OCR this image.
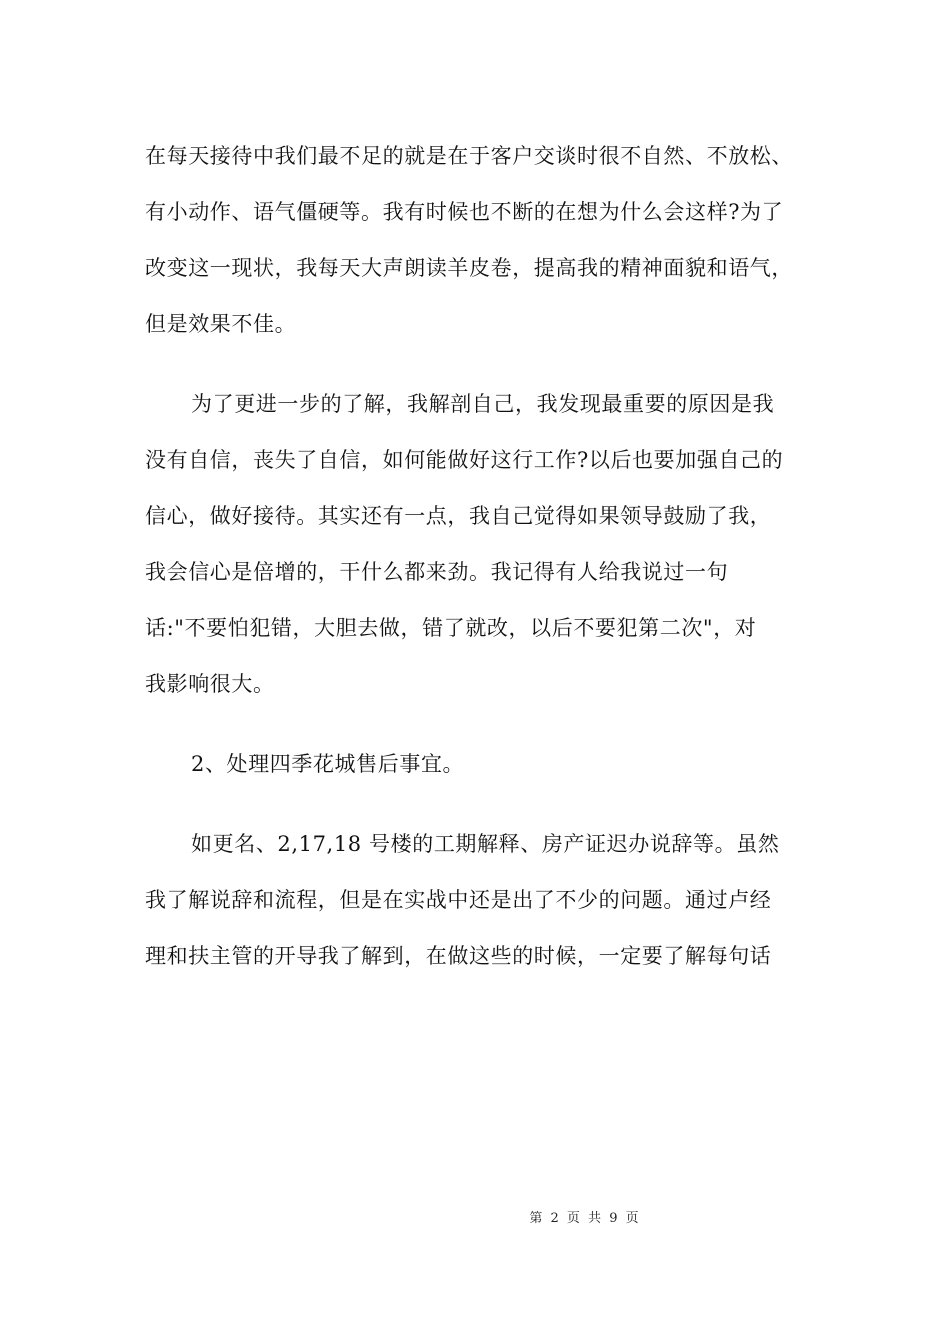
在每天接待中我们最不足的就是在于客户交谈时很不自然、不放松、
有小动作、语气僵硬等。我有时候也不断的在想为什么会这样?为了
改变这一现状，我每天大声朗读羊皮卷，提高我的精神面貌和语气，
但是效果不佳。
为了更进一步的了解，我解剖自己，我发现最重要的原因是我
没有自信，丧失了自信，如何能做好这行工作?以后也要加强自己的
信心，做好接待。其实还有一点，我自己觉得如果领导鼓励了我，
我会信心是倍增的，干什么都来劲。我记得有人给我说过一句
话:"不要怕犯错，大胆去做，错了就改，以后不要犯第二次"，对
我影响很大。
2、处理四季花城售后事宜。
如更名、2,17,18 号楼的工期解释、房产证迟办说辞等。虽然
我了解说辞和流程，但是在实战中还是出了不少的问题。通过卢经
理和扶主管的开导我了解到，在做这些的时候，一定要了解每句话
第 2 页 共 9 页
